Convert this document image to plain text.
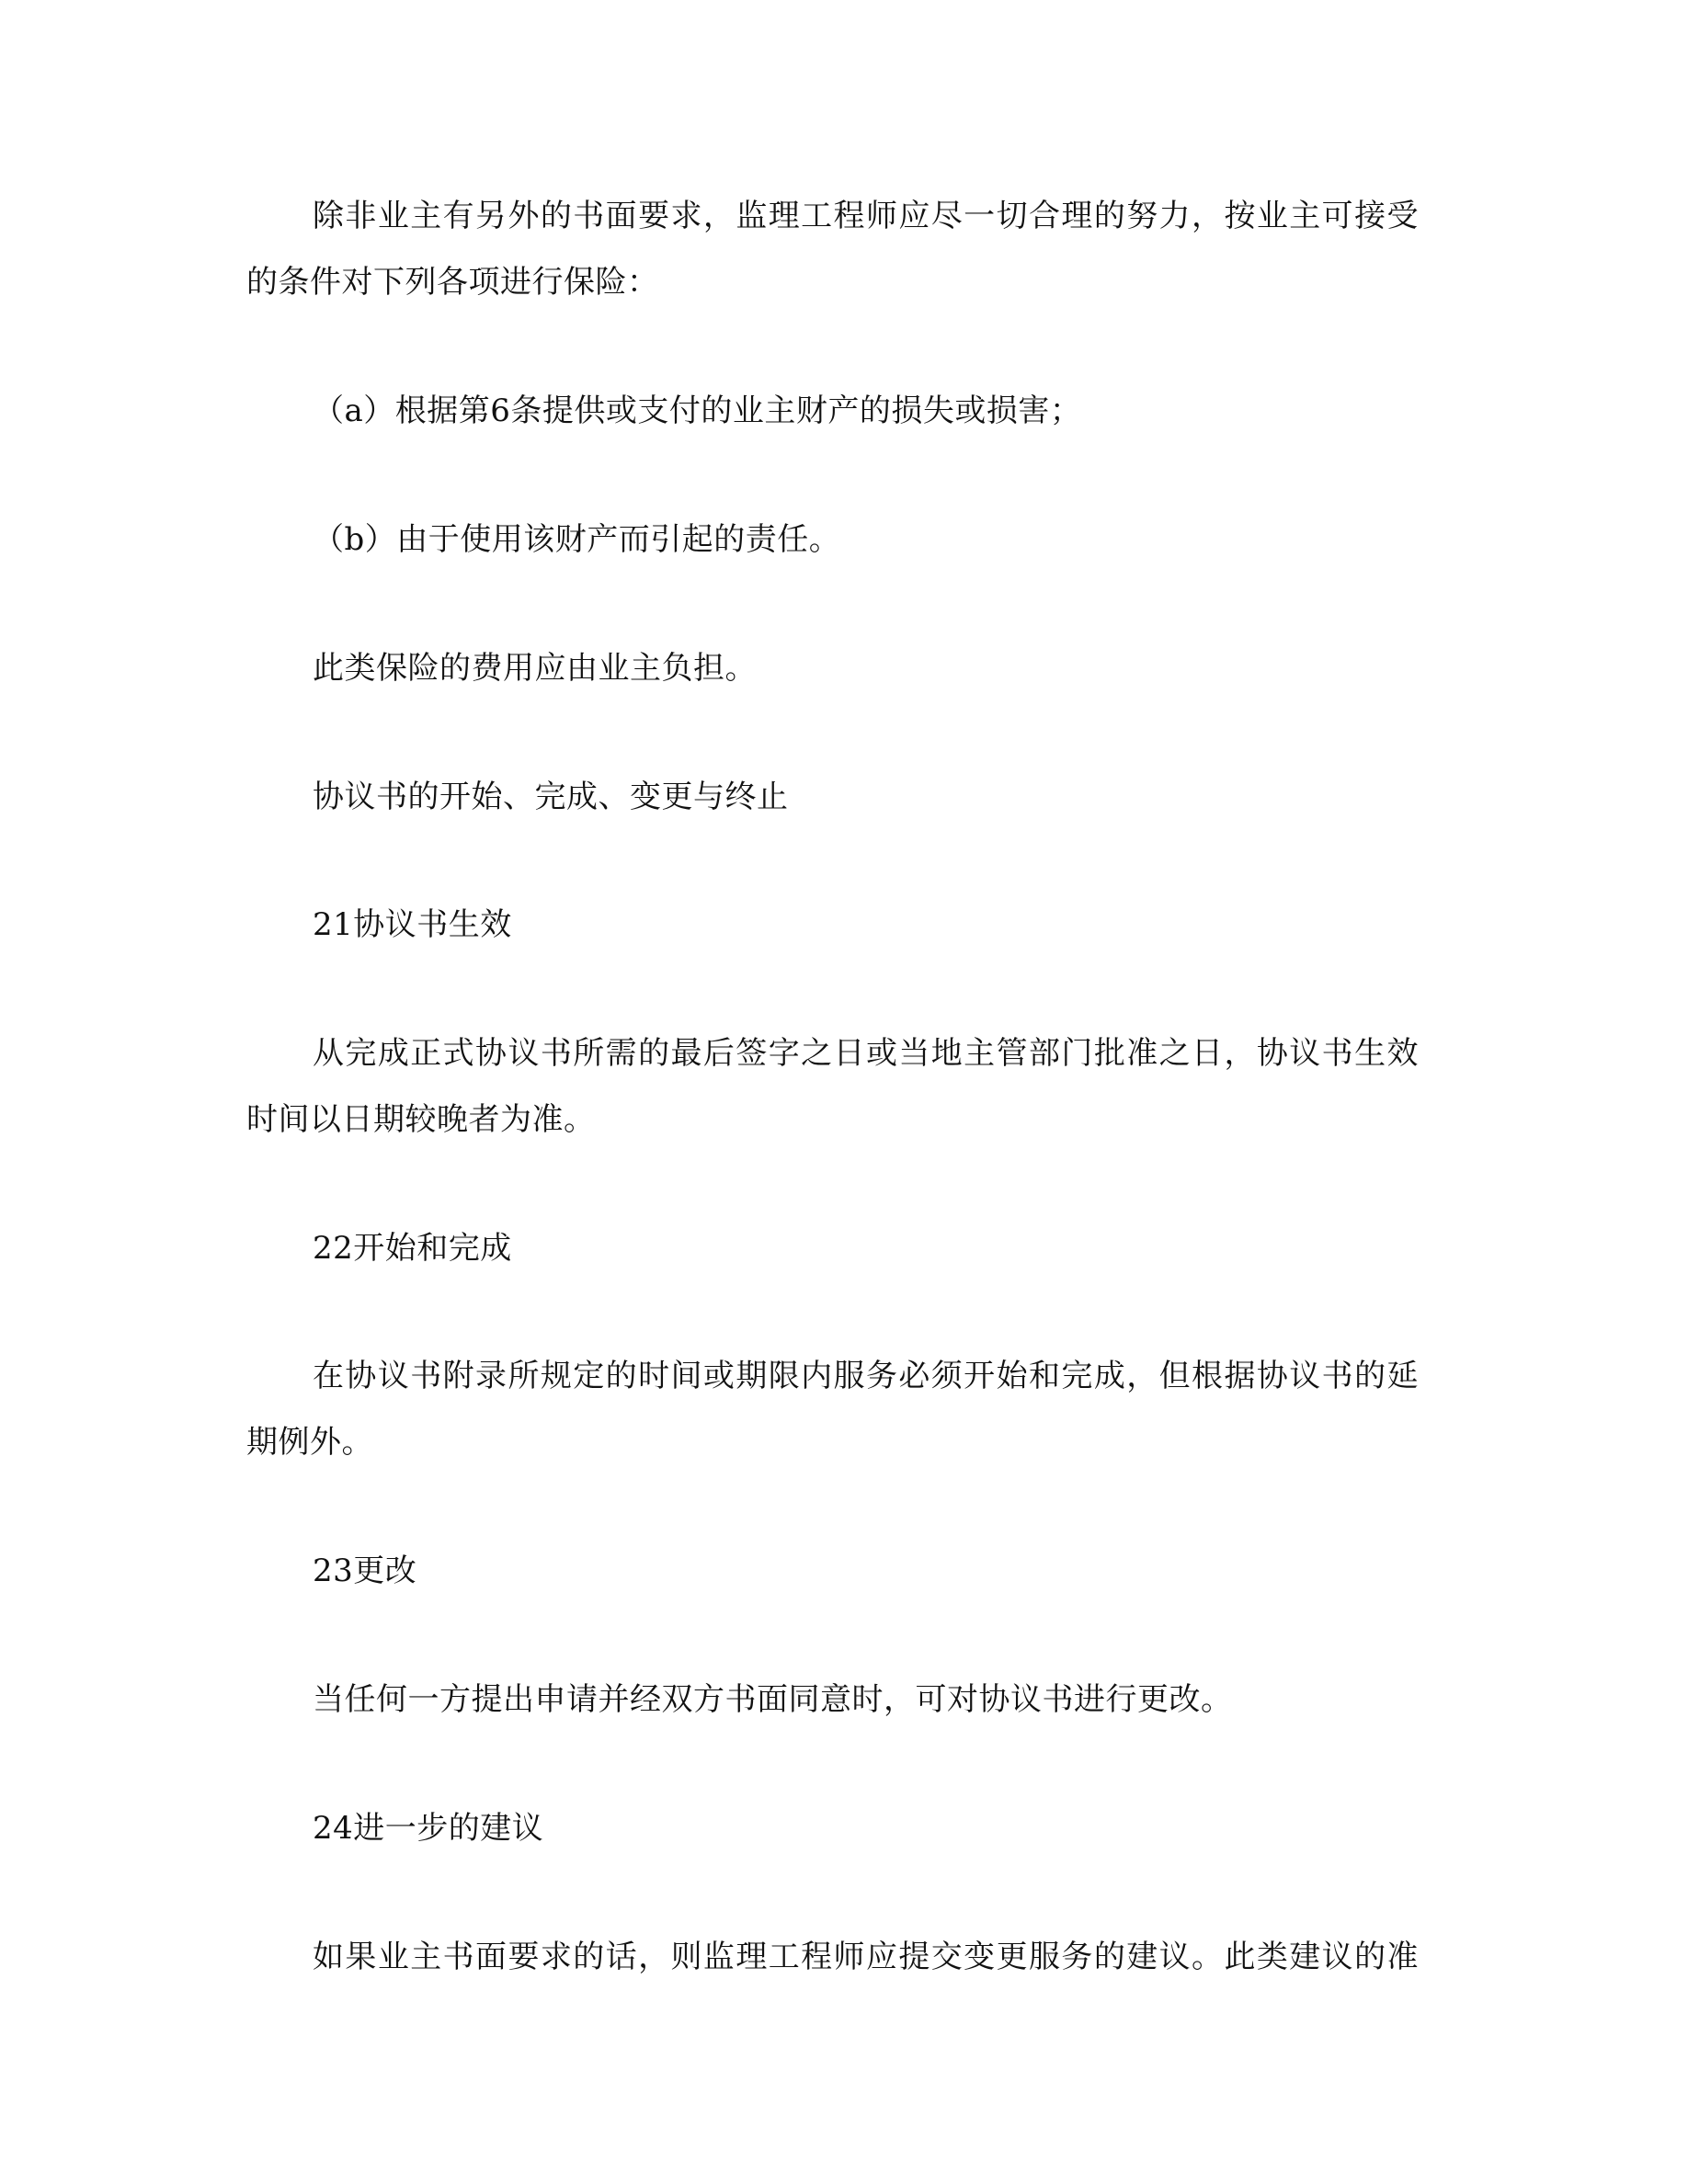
除非业主有另外的书面要求，监理工程师应尽一切合理的努力，按业主可接受
的条件对下列各项进行保险：
（a）根据第6条提供或支付的业主财产的损失或损害；
（b）由于使用该财产而引起的责任。
此类保险的费用应由业主负担。
协议书的开始、完成、变更与终止
21协议书生效
从完成正式协议书所需的最后签字之日或当地主管部门批准之日，协议书生效
时间以日期较晚者为准。
22开始和完成
在协议书附录所规定的时间或期限内服务必须开始和完成，但根据协议书的延
期例外。
23更改
当任何一方提出申请并经双方书面同意时，可对协议书进行更改。
24进一步的建议
如果业主书面要求的话，则监理工程师应提交变更服务的建议。此类建议的准
